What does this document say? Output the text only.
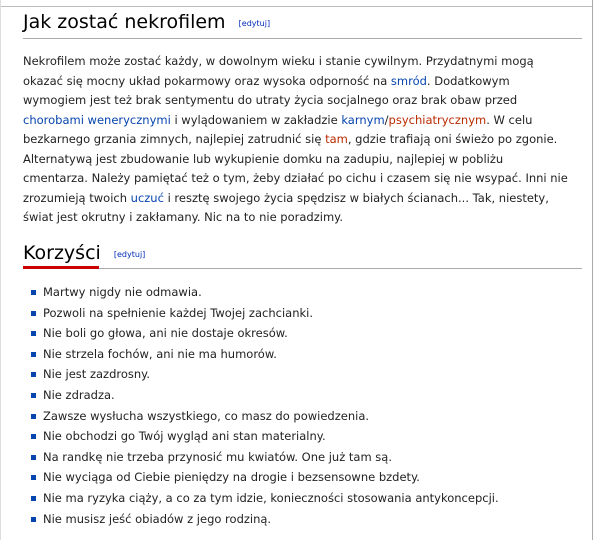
Jak zostać nekrofilem [edytuj]

Nekrofilem może zostać każdy, w dowolnym wieku i stanie cywilnym. Przydatnymi mogą okazać się mocny układ pokarmowy oraz wysoka odporność na smród. Dodatkowym wymogiem jest też brak sentymentu do utraty życia socjalnego oraz brak obaw przed chorobami wenerycznymi i wylądowaniem w zakładzie karnym/psychiatrycznym. W celu bezkarnego grzania zimnych, najlepiej zatrudnić się tam, gdzie trafiają oni świeżo po zgonie. Alternatywą jest zbudowanie lub wykupienie domku na zadupiu, najlepiej w pobliżu cmentarza. Należy pamiętać też o tym, żeby działać po cichu i czasem się nie wsypać. Inni nie zrozumieją twoich uczuć i resztę swojego życia spędzisz w białych ścianach... Tak, niestety, świat jest okrutny i zakłamany. Nic na to nie poradzimy.

Korzyści [edytuj]
Martwy nigdy nie odmawia.
Pozwoli na spełnienie każdej Twojej zachcianki.
Nie boli go głowa, ani nie dostaje okresów.
Nie strzela fochów, ani nie ma humorów.
Nie jest zazdrosny.
Nie zdradza.
Zawsze wysłucha wszystkiego, co masz do powiedzenia.
Nie obchodzi go Twój wygląd ani stan materialny.
Na randkę nie trzeba przynosić mu kwiatów. One już tam są.
Nie wyciąga od Ciebie pieniędzy na drogie i bezsensowne bzdety.
Nie ma ryzyka ciąży, a co za tym idzie, konieczności stosowania antykoncepcji.
Nie musisz jeść obiadów z jego rodziną.
